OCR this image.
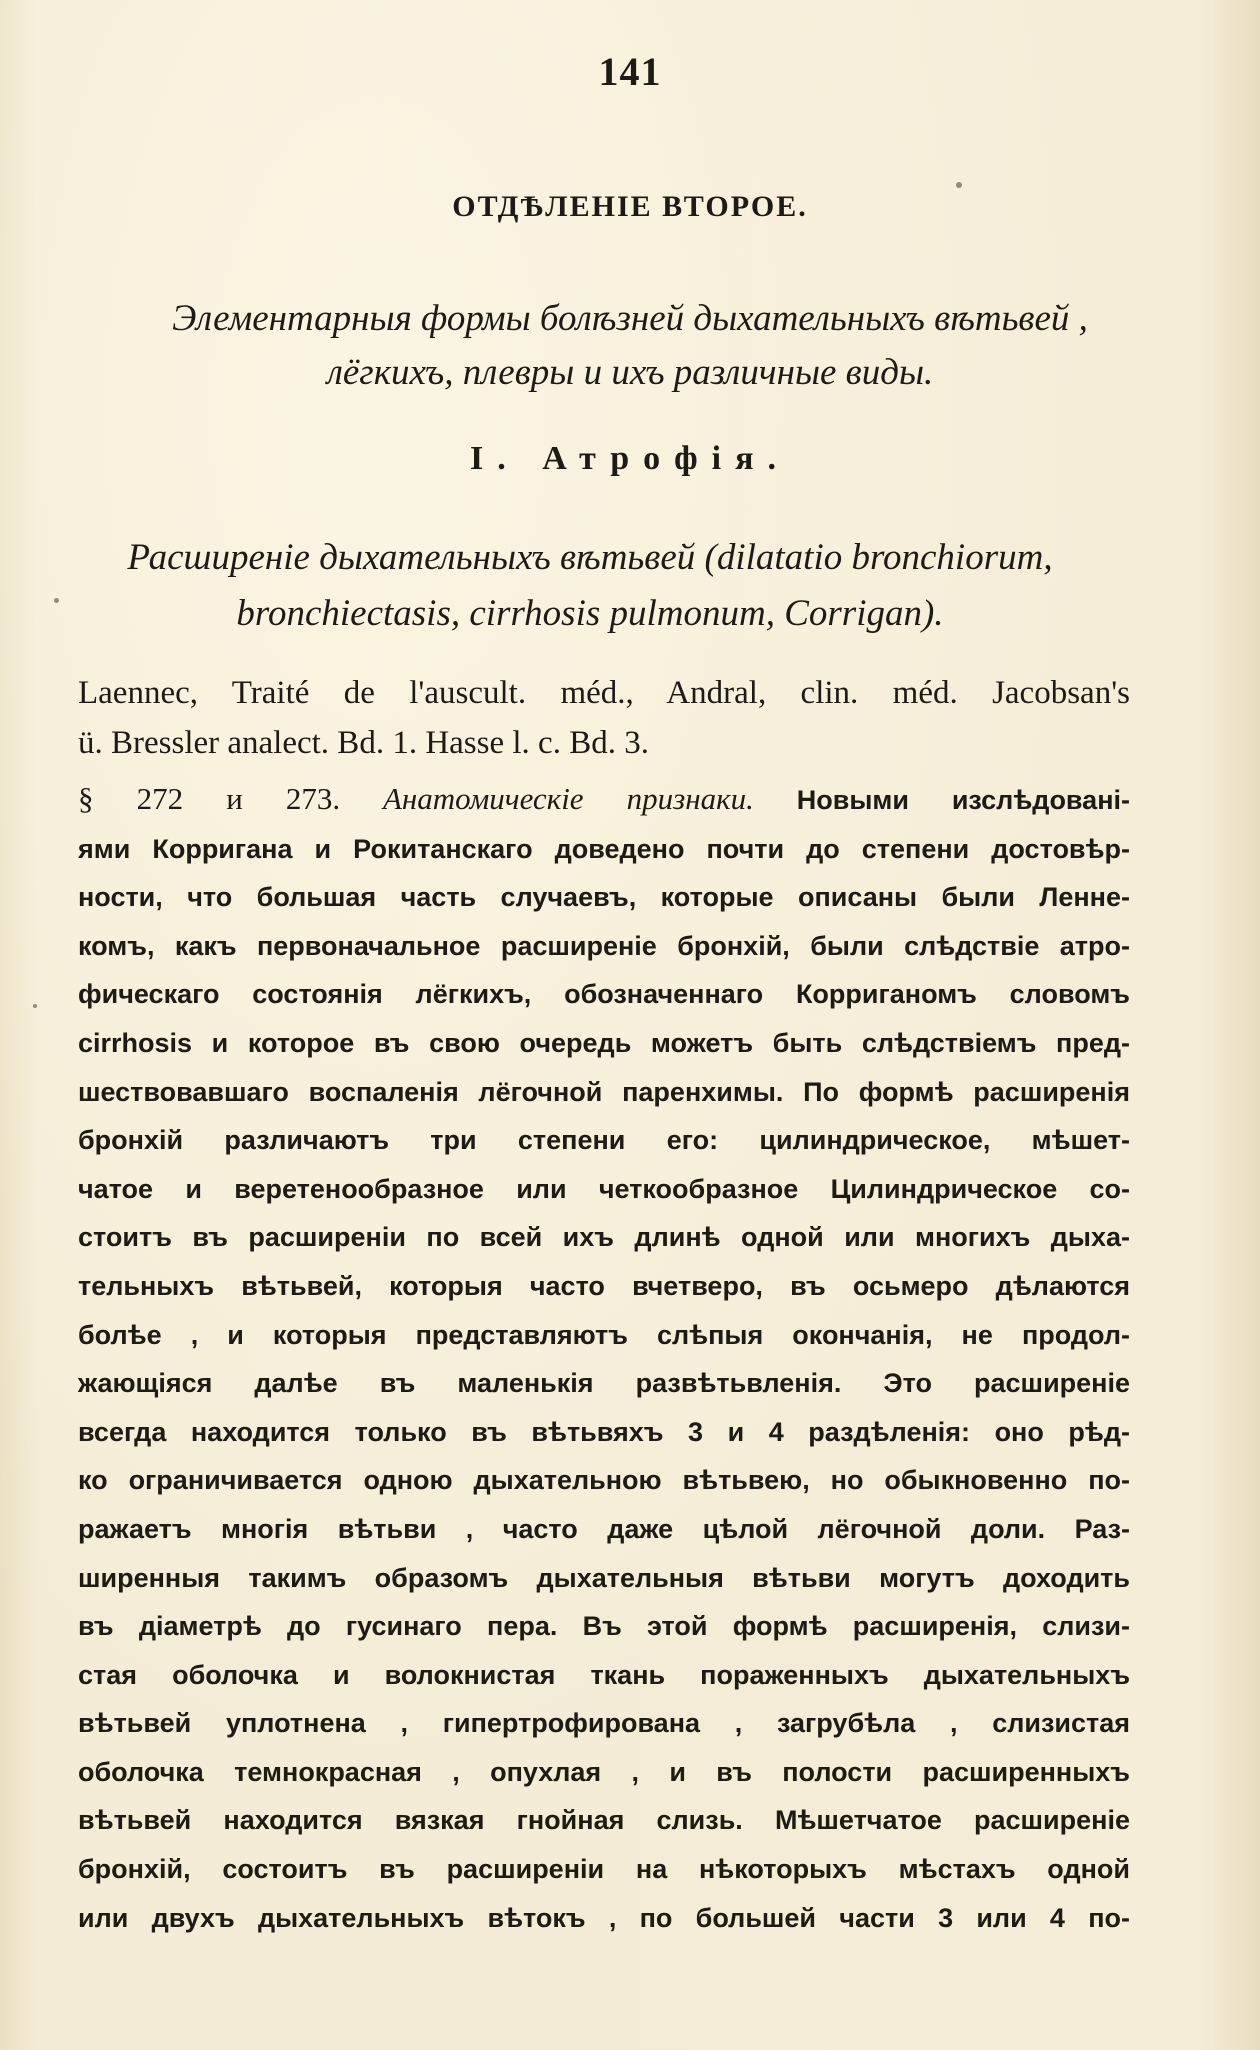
141
ОТДѢЛЕНІЕ ВТОРОЕ.
Элементарныя формы болѣзней дыхательныхъ вѣтьвей ,
лёгкихъ, плевры и ихъ различные виды.
I. Атрофія.
Расширеніе дыхательныхъ вѣтьвей (dilatatio bronchiorum,
bronchiectasis, cirrhosis pulmonum, Corrigan).
Laennec, Traité de l'auscult. méd., Andral, clin. méd. Jacobsan's
ü. Bressler analect. Bd. 1. Hasse l. c. Bd. 3.
§ 272 и 273. Анатомическіе признаки. Новыми изслѣдовані-
ями Корригана и Рокитанскаго доведено почти до степени достовѣр-
ности, что большая часть случаевъ, которые описаны были Леннe-
комъ, какъ первоначальное расширеніе бронхій, были слѣдствіе атро-
фическаго состоянія лёгкихъ, обозначеннаго Корриганомъ словомъ
cirrhosis и которое въ свою очередь можетъ быть слѣдствіемъ пред-
шествовавшаго воспаленія лёгочной паренхимы. По формѣ расширенія
бронхій различаютъ три степени его: цилиндрическое, мѣшет-
чатое и веретенообразное или четкообразное Цилиндрическое со-
стоитъ въ расширеніи по всей ихъ длинѣ одной или многихъ дыха-
тельныхъ вѣтьвей, которыя часто вчетверо, въ осьмеро дѣлаются
болѣе , и которыя представляютъ слѣпыя окончанія, не продол-
жающіяся далѣе въ маленькія развѣтьвленія. Это расширеніе
всегда находится только въ вѣтьвяхъ 3 и 4 раздѣленія: оно рѣд-
ко ограничивается одною дыхательною вѣтьвею, но обыкновенно по-
ражаетъ многія вѣтьви , часто даже цѣлой лёгочной доли. Раз-
ширенныя такимъ образомъ дыхательныя вѣтьви могутъ доходить
въ діаметрѣ до гусинаго пера. Въ этой формѣ расширенія, слизи-
стая оболочка и волокнистая ткань пораженныхъ дыхательныхъ
вѣтьвей уплотнена , гипертрофирована , загрубѣла , слизистая
оболочка темнокрасная , опухлая , и въ полости расширенныхъ
вѣтьвей находится вязкая гнойная слизь. Мѣшетчатое расширеніе
бронхій, состоитъ въ расширеніи на нѣкоторыхъ мѣстахъ одной
или двухъ дыхательныхъ вѣтокъ , по большей части 3 или 4 по-
